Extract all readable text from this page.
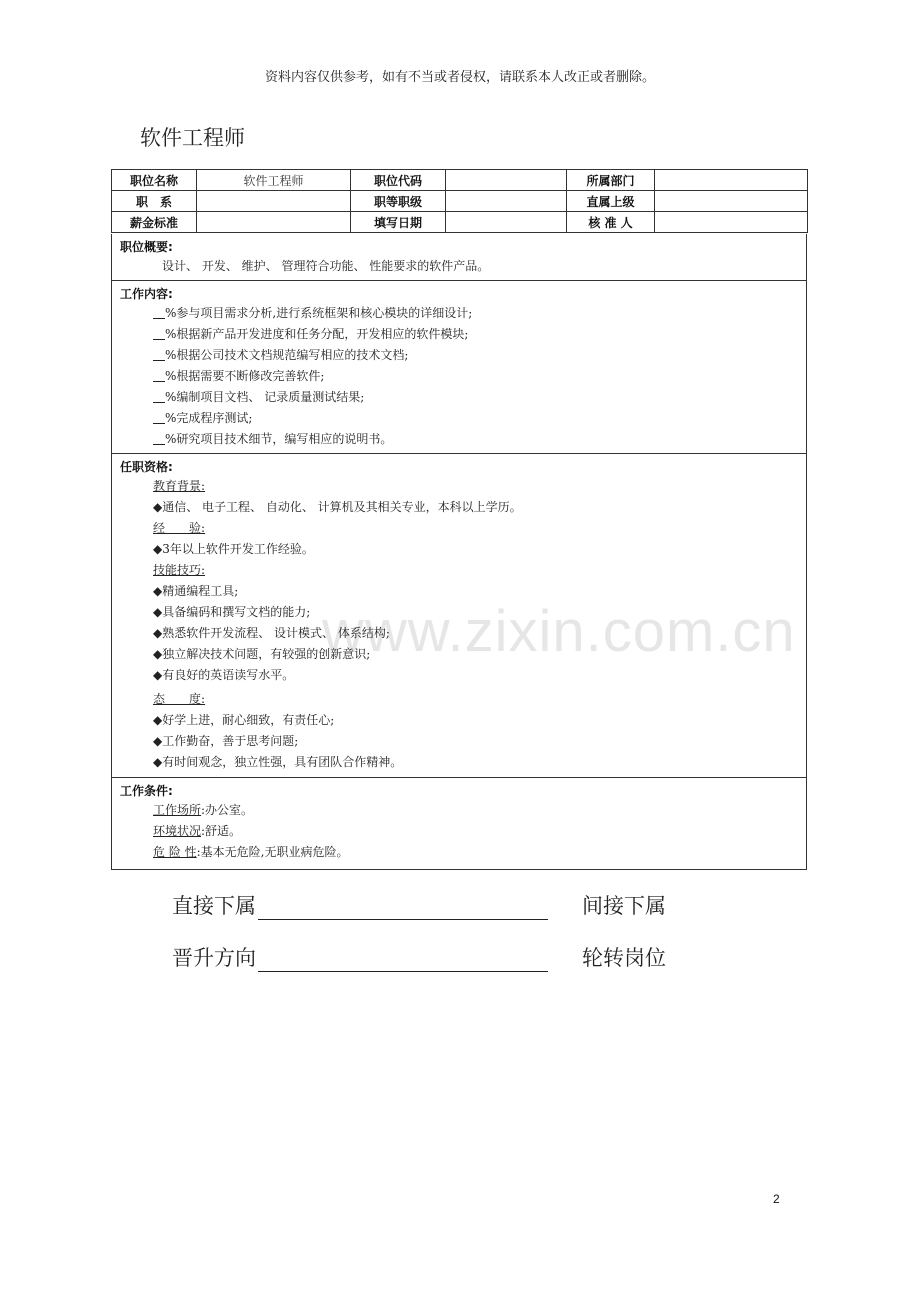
资料内容仅供参考，如有不当或者侵权，请联系本人改正或者删除。
软件工程师
www.zixin.com.cn
职位名称	软件工程师	职位代码		所属部门	
职　系		职等职级		直属上级	
薪金标准		填写日期		核 准 人	
职位概要:
设计、 开发、 维护、 管理符合功能、 性能要求的软件产品。
工作内容:
%参与项目需求分析,进行系统框架和核心模块的详细设计;
%根据新产品开发进度和任务分配，开发相应的软件模块;
%根据公司技术文档规范编写相应的技术文档;
%根据需要不断修改完善软件;
%编制项目文档、 记录质量测试结果;
%完成程序测试;
%研究项目技术细节，编写相应的说明书。
任职资格:
教育背景:
◆通信、 电子工程、 自动化、 计算机及其相关专业，本科以上学历。
经　　验:
◆3年以上软件开发工作经验。
技能技巧:
◆精通编程工具;
◆具备编码和撰写文档的能力;
◆熟悉软件开发流程、 设计模式、 体系结构;
◆独立解决技术问题，有较强的创新意识;
◆有良好的英语读写水平。
态　　度:
◆好学上进，耐心细致，有责任心;
◆工作勤奋，善于思考问题;
◆有时间观念，独立性强，具有团队合作精神。
工作条件:
工作场所:办公室。
环境状况:舒适。
危 险 性:基本无危险,无职业病危险。
直接下属	间接下属
晋升方向	轮转岗位
2
